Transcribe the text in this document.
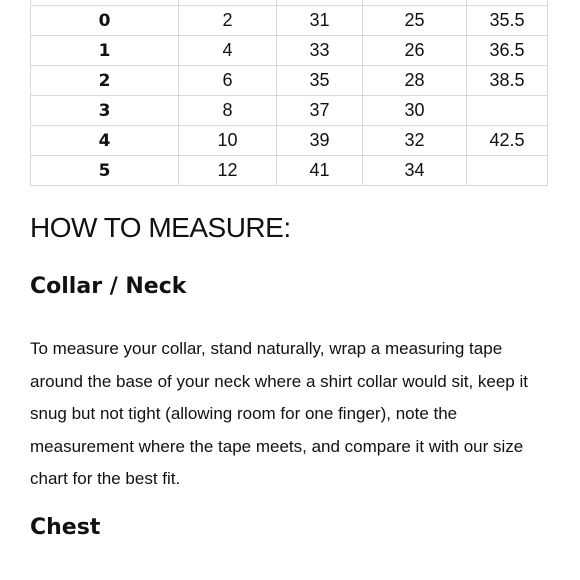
0	2	31	25	35.5
1	4	33	26	36.5
2	6	35	28	38.5
3	8	37	30	
4	10	39	32	42.5
5	12	41	34	
HOW TO MEASURE:
Collar / Neck

To measure your collar, stand naturally, wrap a measuring tape around the base of your neck where a shirt collar would sit, keep it snug but not tight (allowing room for one finger), note the measurement where the tape meets, and compare it with our size chart for the best fit.

Chest
